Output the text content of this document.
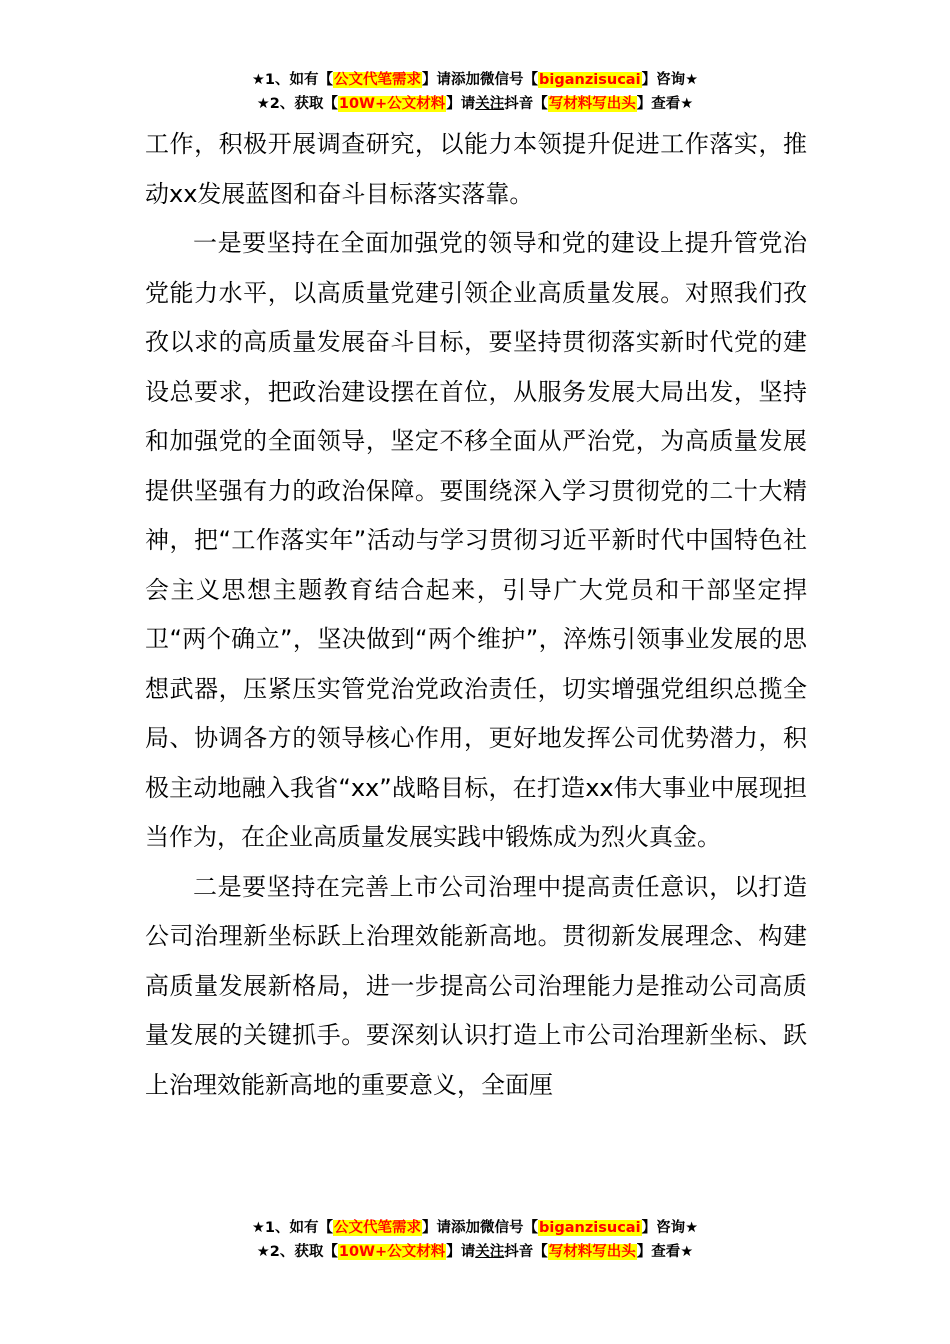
★1、如有【公文代笔需求】请添加微信号【biganzisucai】咨询★
★2、获取【10W+公文材料】请关注抖音【写材料写出头】查看★

工作，积极开展调查研究，以能力本领提升促进工作落实，推动xx发展蓝图和奋斗目标落实落靠。

一是要坚持在全面加强党的领导和党的建设上提升管党治党能力水平，以高质量党建引领企业高质量发展。对照我们孜孜以求的高质量发展奋斗目标，要坚持贯彻落实新时代党的建设总要求，把政治建设摆在首位，从服务发展大局出发，坚持和加强党的全面领导，坚定不移全面从严治党，为高质量发展提供坚强有力的政治保障。要围绕深入学习贯彻党的二十大精神，把“工作落实年”活动与学习贯彻习近平新时代中国特色社会主义思想主题教育结合起来，引导广大党员和干部坚定捍卫“两个确立”，坚决做到“两个维护”，淬炼引领事业发展的思想武器，压紧压实管党治党政治责任，切实增强党组织总揽全局、协调各方的领导核心作用，更好地发挥公司优势潜力，积极主动地融入我省“xx”战略目标，在打造xx伟大事业中展现担当作为，在企业高质量发展实践中锻炼成为烈火真金。

二是要坚持在完善上市公司治理中提高责任意识，以打造公司治理新坐标跃上治理效能新高地。贯彻新发展理念、构建高质量发展新格局，进一步提高公司治理能力是推动公司高质量发展的关键抓手。要深刻认识打造上市公司治理新坐标、跃上治理效能新高地的重要意义，全面厘

★1、如有【公文代笔需求】请添加微信号【biganzisucai】咨询★
★2、获取【10W+公文材料】请关注抖音【写材料写出头】查看★
